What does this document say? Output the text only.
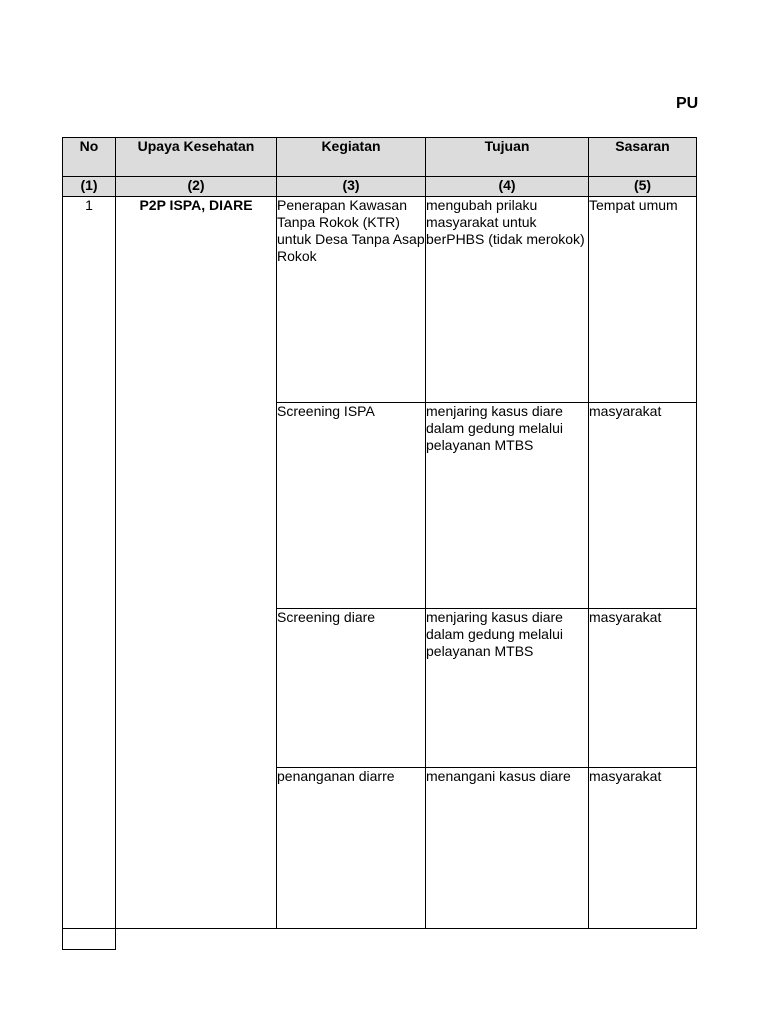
PU
No	Upaya Kesehatan	Kegiatan	Tujuan	Sasaran
(1)	(2)	(3)	(4)	(5)
1	P2P ISPA, DIARE	Penerapan Kawasan Tanpa Rokok (KTR) untuk Desa Tanpa Asap Rokok	mengubah prilaku masyarakat untuk berPHBS (tidak merokok)	Tempat umum
		Screening ISPA	menjaring kasus diare dalam gedung melalui pelayanan MTBS	masyarakat
		Screening diare	menjaring kasus diare dalam gedung melalui pelayanan MTBS	masyarakat
		penanganan diarre	menangani kasus diare	masyarakat
